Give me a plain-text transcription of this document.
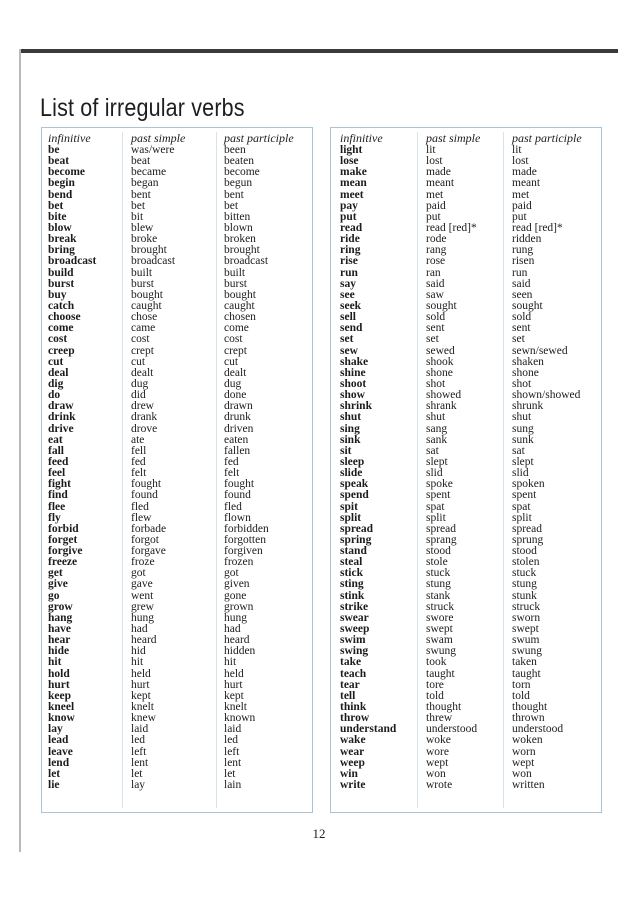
List of irregular verbs
infinitive
be
beat
become
begin
bend
bet
bite
blow
break
bring
broadcast
build
burst
buy
catch
choose
come
cost
creep
cut
deal
dig
do
draw
drink
drive
eat
fall
feed
feel
fight
find
flee
fly
forbid
forget
forgive
freeze
get
give
go
grow
hang
have
hear
hide
hit
hold
hurt
keep
kneel
know
lay
lead
leave
lend
let
lie
past simple
was/were
beat
became
began
bent
bet
bit
blew
broke
brought
broadcast
built
burst
bought
caught
chose
came
cost
crept
cut
dealt
dug
did
drew
drank
drove
ate
fell
fed
felt
fought
found
fled
flew
forbade
forgot
forgave
froze
got
gave
went
grew
hung
had
heard
hid
hit
held
hurt
kept
knelt
knew
laid
led
left
lent
let
lay
past participle
been
beaten
become
begun
bent
bet
bitten
blown
broken
brought
broadcast
built
burst
bought
caught
chosen
come
cost
crept
cut
dealt
dug
done
drawn
drunk
driven
eaten
fallen
fed
felt
fought
found
fled
flown
forbidden
forgotten
forgiven
frozen
got
given
gone
grown
hung
had
heard
hidden
hit
held
hurt
kept
knelt
known
laid
led
left
lent
let
lain
infinitive
light
lose
make
mean
meet
pay
put
read
ride
ring
rise
run
say
see
seek
sell
send
set
sew
shake
shine
shoot
show
shrink
shut
sing
sink
sit
sleep
slide
speak
spend
spit
split
spread
spring
stand
steal
stick
sting
stink
strike
swear
sweep
swim
swing
take
teach
tear
tell
think
throw
understand
wake
wear
weep
win
write
past simple
lit
lost
made
meant
met
paid
put
read [red]*
rode
rang
rose
ran
said
saw
sought
sold
sent
set
sewed
shook
shone
shot
showed
shrank
shut
sang
sank
sat
slept
slid
spoke
spent
spat
split
spread
sprang
stood
stole
stuck
stung
stank
struck
swore
swept
swam
swung
took
taught
tore
told
thought
threw
understood
woke
wore
wept
won
wrote
past participle
lit
lost
made
meant
met
paid
put
read [red]*
ridden
rung
risen
run
said
seen
sought
sold
sent
set
sewn/sewed
shaken
shone
shot
shown/showed
shrunk
shut
sung
sunk
sat
slept
slid
spoken
spent
spat
split
spread
sprung
stood
stolen
stuck
stung
stunk
struck
sworn
swept
swum
swung
taken
taught
torn
told
thought
thrown
understood
woken
worn
wept
won
written
12
